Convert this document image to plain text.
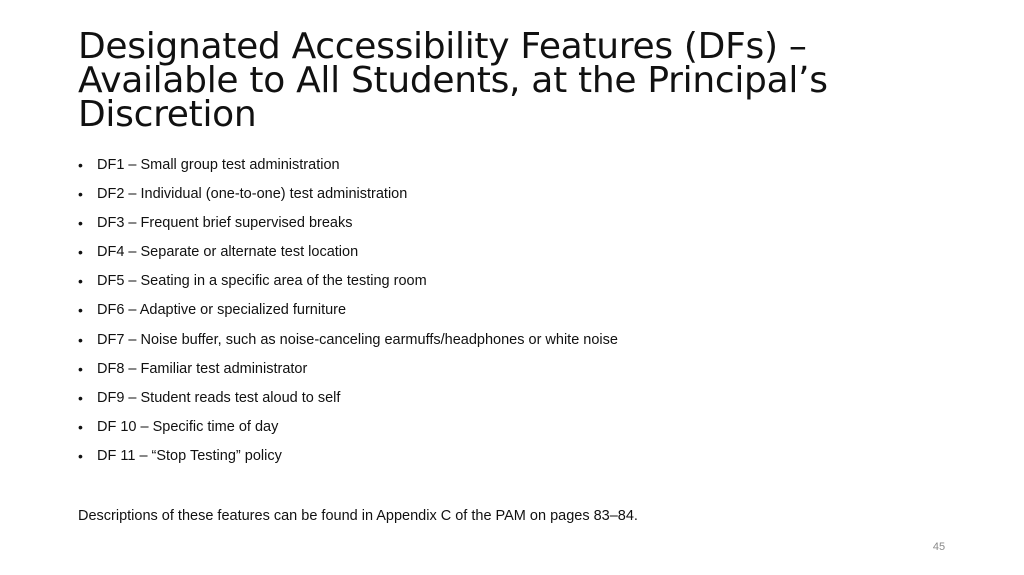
Designated Accessibility Features (DFs) –
Available to All Students, at the Principal’s
Discretion
• DF1 – Small group test administration
• DF2 – Individual (one-to-one) test administration
• DF3 – Frequent brief supervised breaks
• DF4 – Separate or alternate test location
• DF5 – Seating in a specific area of the testing room
• DF6 – Adaptive or specialized furniture
• DF7 – Noise buffer, such as noise-canceling earmuffs/headphones or white noise
• DF8 – Familiar test administrator
• DF9 – Student reads test aloud to self
• DF 10 – Specific time of day
• DF 11 – “Stop Testing” policy

Descriptions of these features can be found in Appendix C of the PAM on pages 83–84.

45
